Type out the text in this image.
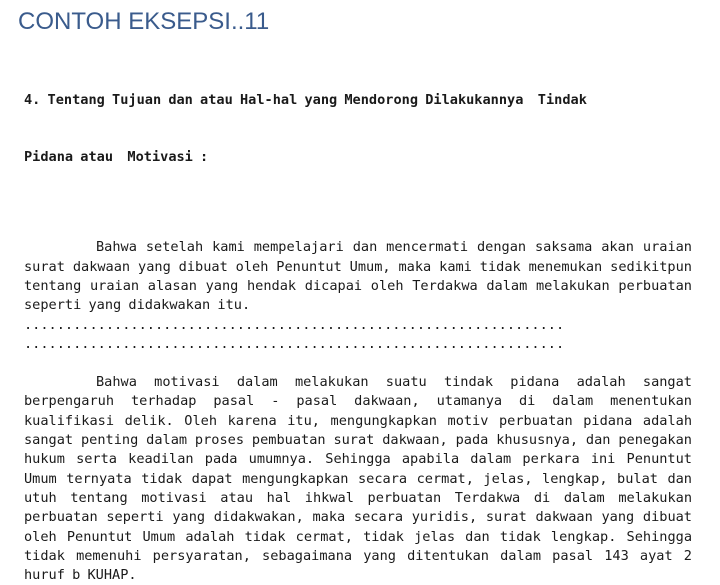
CONTOH EKSEPSI..11

4. Tentang Tujuan dan atau Hal-hal yang Mendorong Dilakukannya  Tindak

Pidana atau  Motivasi :

Bahwa setelah kami mempelajari dan mencermati dengan saksama akan uraian surat dakwaan yang dibuat oleh Penuntut Umum, maka kami tidak menemukan sedikitpun tentang uraian alasan yang hendak dicapai oleh Terdakwa dalam melakukan perbuatan seperti yang didakwakan itu.
..................................................................
..................................................................
Bahwa motivasi dalam melakukan suatu tindak pidana adalah sangat berpengaruh terhadap pasal - pasal dakwaan, utamanya di dalam menentukan kualifikasi delik. Oleh karena itu, mengungkapkan motiv perbuatan pidana adalah sangat penting dalam proses pembuatan surat dakwaan, pada khususnya, dan penegakan hukum serta keadilan pada umumnya. Sehingga apabila dalam perkara ini Penuntut Umum ternyata tidak dapat mengungkapkan secara cermat, jelas, lengkap, bulat dan utuh tentang motivasi atau hal ihkwal perbuatan Terdakwa di dalam melakukan perbuatan seperti yang didakwakan, maka secara yuridis, surat dakwaan yang dibuat oleh Penuntut Umum adalah tidak cermat, tidak jelas dan tidak lengkap. Sehingga tidak memenuhi persyaratan, sebagaimana yang ditentukan dalam pasal 143 ayat 2 huruf b KUHAP.
